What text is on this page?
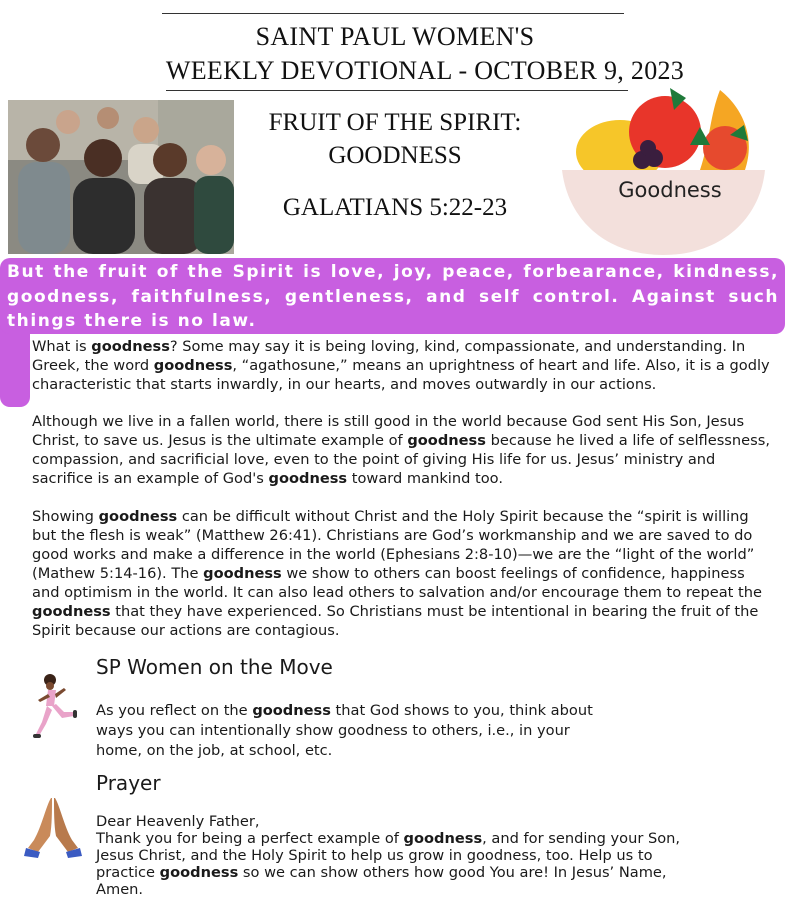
SAINT PAUL WOMEN'S
WEEKLY DEVOTIONAL - OCTOBER 9, 2023
FRUIT OF THE SPIRIT:
GOODNESS
GALATIANS 5:22-23
Goodness
But the fruit of the Spirit is love, joy, peace, forbearance, kindness, goodness, faithfulness, gentleness, and self control. Against such things there is no law.
What is goodness? Some may say it is being loving, kind, compassionate, and understanding. In Greek, the word goodness, “agathosune,” means an uprightness of heart and life. Also, it is a godly characteristic that starts inwardly, in our hearts, and moves outwardly in our actions.
Although we live in a fallen world, there is still good in the world because God sent His Son, Jesus Christ, to save us. Jesus is the ultimate example of goodness because he lived a life of selflessness, compassion, and sacrificial love, even to the point of giving His life for us. Jesus’ ministry and sacrifice is an example of God's goodness toward mankind too.
Showing goodness can be difficult without Christ and the Holy Spirit because the “spirit is willing but the flesh is weak” (Matthew 26:41). Christians are God’s workmanship and we are saved to do good works and make a difference in the world (Ephesians 2:8-10)—we are the “light of the world” (Mathew 5:14-16). The goodness we show to others can boost feelings of confidence, happiness and optimism in the world. It can also lead others to salvation and/or encourage them to repeat the goodness that they have experienced. So Christians must be intentional in bearing the fruit of the Spirit because our actions are contagious.
SP Women on the Move
As you reflect on the goodness that God shows to you, think about ways you can intentionally show goodness to others, i.e., in your home, on the job, at school, etc.
Prayer
Dear Heavenly Father,
Thank you for being a perfect example of goodness, and for sending your Son, Jesus Christ, and the Holy Spirit to help us grow in goodness, too. Help us to practice goodness so we can show others how good You are! In Jesus’ Name, Amen.
